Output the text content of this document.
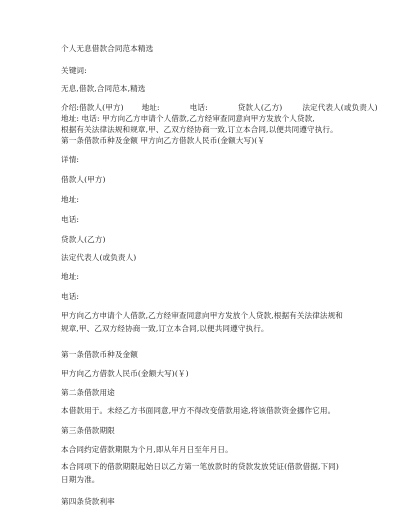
个人无息借款合同范本精选
关键词:
无息,借款,合同范本,精选
介绍:借款人(甲方) 地址:	电话:	贷款人(乙方)	法定代表人(或负责人)
地址: 电话: 甲方向乙方申请个人借款,乙方经审查同意向甲方发放个人贷款,
根据有关法律法规和规章,甲、乙双方经协商一致,订立本合同,以便共同遵守执行。
第一条借款币种及金额 甲方向乙方借款人民币(金额大写)(￥
详情:
借款人(甲方)
地址:
电话:
贷款人(乙方)
法定代表人(或负责人)
地址:
电话:
甲方向乙方申请个人借款,乙方经审查同意向甲方发放个人贷款,根据有关法律法规和规章,甲、乙双方经协商一致,订立本合同,以便共同遵守执行。
第一条借款币种及金额
甲方向乙方借款人民币(金额大写)(￥)
第二条借款用途
本借款用于。未经乙方书面同意,甲方不得改变借款用途,将该借款资金挪作它用。
第三条借款期限
本合同约定借款期限为个月,即从年月日至年月日。
本合同项下的借款期限起始日以乙方第一笔放款时的贷款发放凭证(借款借据,下同)日期为准。
第四条贷款利率
